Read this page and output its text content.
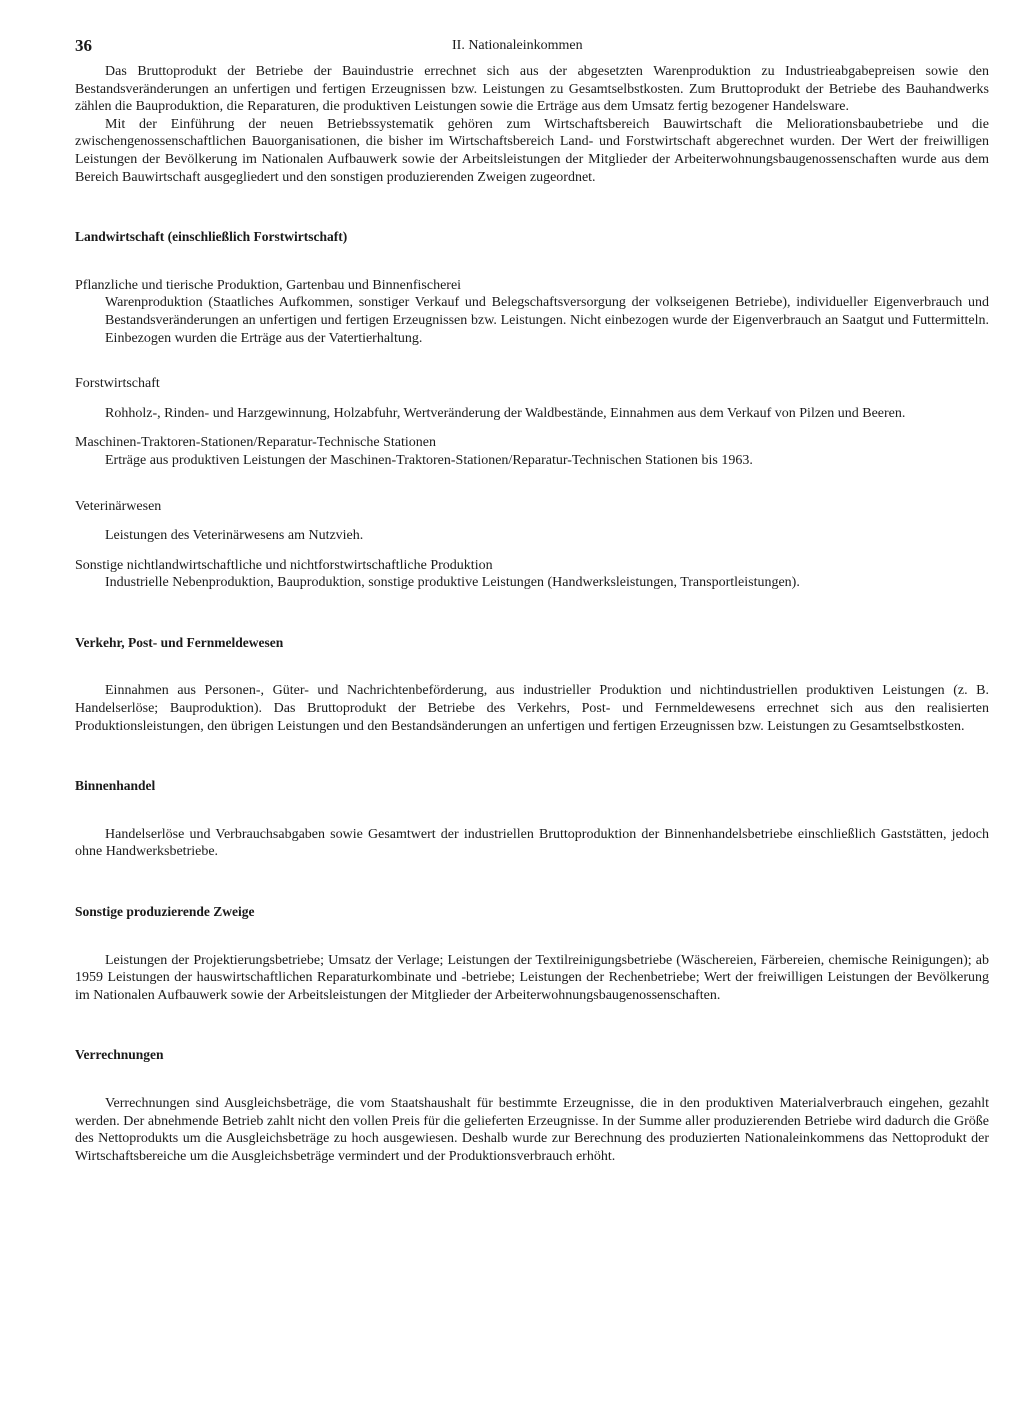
36	II. Nationaleinkommen

Das Bruttoprodukt der Betriebe der Bauindustrie errechnet sich aus der abgesetzten Warenproduktion zu Industrieabgabepreisen sowie den Bestandsveränderungen an unfertigen und fertigen Erzeugnissen bzw. Leistungen zu Gesamtselbstkosten. Zum Bruttoprodukt der Betriebe des Bauhandwerks zählen die Bauproduktion, die Reparaturen, die produktiven Leistungen sowie die Erträge aus dem Umsatz fertig bezogener Handelsware.

Mit der Einführung der neuen Betriebssystematik gehören zum Wirtschaftsbereich Bauwirtschaft die Meliorationsbaubetriebe und die zwischengenossenschaftlichen Bauorganisationen, die bisher im Wirtschaftsbereich Land- und Forstwirtschaft abgerechnet wurden. Der Wert der freiwilligen Leistungen der Bevölkerung im Nationalen Aufbauwerk sowie der Arbeitsleistungen der Mitglieder der Arbeiterwohnungsbaugenossenschaften wurde aus dem Bereich Bauwirtschaft ausgegliedert und den sonstigen produzierenden Zweigen zugeordnet.

Landwirtschaft (einschließlich Forstwirtschaft)

Pflanzliche und tierische Produktion, Gartenbau und Binnenfischerei

Warenproduktion (Staatliches Aufkommen, sonstiger Verkauf und Belegschaftsversorgung der volkseigenen Betriebe), individueller Eigenverbrauch und Bestandsveränderungen an unfertigen und fertigen Erzeugnissen bzw. Leistungen. Nicht einbezogen wurde der Eigenverbrauch an Saatgut und Futtermitteln. Einbezogen wurden die Erträge aus der Vatertierhaltung.

Forstwirtschaft

Rohholz-, Rinden- und Harzgewinnung, Holzabfuhr, Wertveränderung der Waldbestände, Einnahmen aus dem Verkauf von Pilzen und Beeren.

Maschinen-Traktoren-Stationen/Reparatur-Technische Stationen

Erträge aus produktiven Leistungen der Maschinen-Traktoren-Stationen/Reparatur-Technischen Stationen bis 1963.

Veterinärwesen

Leistungen des Veterinärwesens am Nutzvieh.

Sonstige nichtlandwirtschaftliche und nichtforstwirtschaftliche Produktion

Industrielle Nebenproduktion, Bauproduktion, sonstige produktive Leistungen (Handwerksleistungen, Transportleistungen).

Verkehr, Post- und Fernmeldewesen

Einnahmen aus Personen-, Güter- und Nachrichtenbeförderung, aus industrieller Produktion und nichtindustriellen produktiven Leistungen (z. B. Handelserlöse; Bauproduktion). Das Bruttoprodukt der Betriebe des Verkehrs, Post- und Fernmeldewesens errechnet sich aus den realisierten Produktionsleistungen, den übrigen Leistungen und den Bestandsänderungen an unfertigen und fertigen Erzeugnissen bzw. Leistungen zu Gesamtselbstkosten.

Binnenhandel

Handelserlöse und Verbrauchsabgaben sowie Gesamtwert der industriellen Bruttoproduktion der Binnenhandelsbetriebe einschließlich Gaststätten, jedoch ohne Handwerksbetriebe.

Sonstige produzierende Zweige

Leistungen der Projektierungsbetriebe; Umsatz der Verlage; Leistungen der Textilreinigungsbetriebe (Wäschereien, Färbereien, chemische Reinigungen); ab 1959 Leistungen der hauswirtschaftlichen Reparaturkombinate und -betriebe; Leistungen der Rechenbetriebe; Wert der freiwilligen Leistungen der Bevölkerung im Nationalen Aufbauwerk sowie der Arbeitsleistungen der Mitglieder der Arbeiterwohnungsbaugenossenschaften.

Verrechnungen

Verrechnungen sind Ausgleichsbeträge, die vom Staatshaushalt für bestimmte Erzeugnisse, die in den produktiven Materialverbrauch eingehen, gezahlt werden. Der abnehmende Betrieb zahlt nicht den vollen Preis für die gelieferten Erzeugnisse. In der Summe aller produzierenden Betriebe wird dadurch die Größe des Nettoprodukts um die Ausgleichsbeträge zu hoch ausgewiesen. Deshalb wurde zur Berechnung des produzierten Nationaleinkommens das Nettoprodukt der Wirtschaftsbereiche um die Ausgleichsbeträge vermindert und der Produktionsverbrauch erhöht.
